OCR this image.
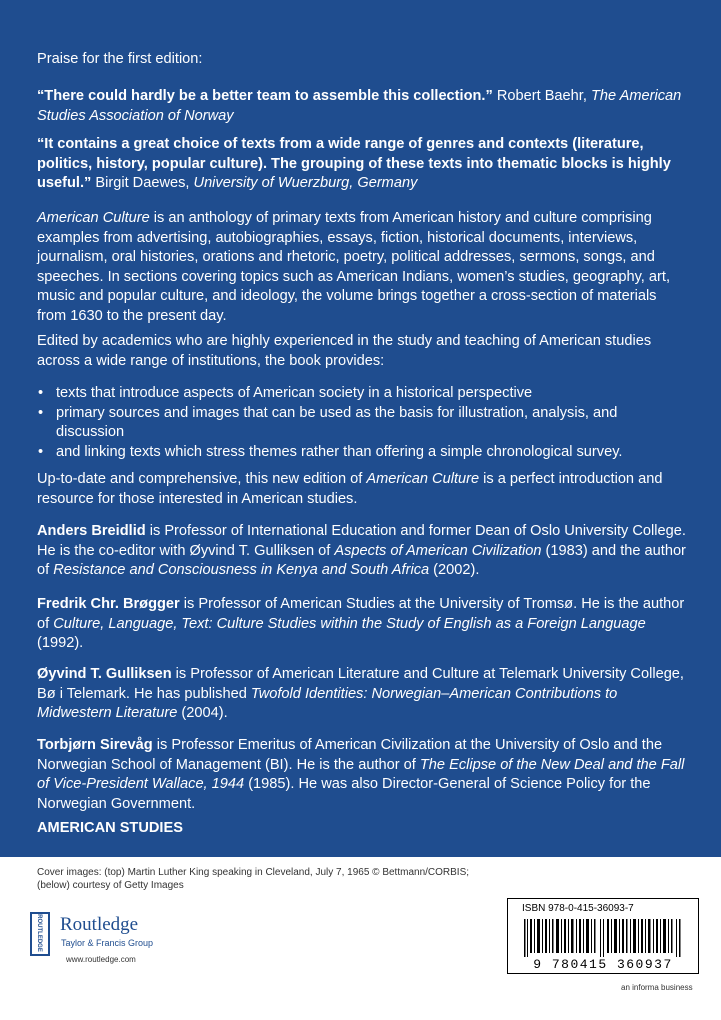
Praise for the first edition:

“There could hardly be a better team to assemble this collection.” Robert Baehr, The American Studies Association of Norway

“It contains a great choice of texts from a wide range of genres and contexts (literature, politics, history, popular culture). The grouping of these texts into thematic blocks is highly useful.” Birgit Daewes, University of Wuerzburg, Germany

American Culture is an anthology of primary texts from American history and culture comprising examples from advertising, autobiographies, essays, fiction, historical documents, interviews, journalism, oral histories, orations and rhetoric, poetry, political addresses, sermons, songs, and speeches. In sections covering topics such as American Indians, women’s studies, geography, art, music and popular culture, and ideology, the volume brings together a cross-section of materials from 1630 to the present day.

Edited by academics who are highly experienced in the study and teaching of American studies across a wide range of institutions, the book provides:

• texts that introduce aspects of American society in a historical perspective
• primary sources and images that can be used as the basis for illustration, analysis, and discussion
• and linking texts which stress themes rather than offering a simple chronological survey.

Up-to-date and comprehensive, this new edition of American Culture is a perfect introduction and resource for those interested in American studies.

Anders Breidlid is Professor of International Education and former Dean of Oslo University College. He is the co-editor with Øyvind T. Gulliksen of Aspects of American Civilization (1983) and the author of Resistance and Consciousness in Kenya and South Africa (2002).

Fredrik Chr. Brøgger is Professor of American Studies at the University of Tromsø. He is the author of Culture, Language, Text: Culture Studies within the Study of English as a Foreign Language (1992).

Øyvind T. Gulliksen is Professor of American Literature and Culture at Telemark University College, Bø i Telemark. He has published Twofold Identities: Norwegian–American Contributions to Midwestern Literature (2004).

Torbjørn Sirevåg is Professor Emeritus of American Civilization at the University of Oslo and the Norwegian School of Management (BI). He is the author of The Eclipse of the New Deal and the Fall of Vice-President Wallace, 1944 (1985). He was also Director-General of Science Policy for the Norwegian Government.

AMERICAN STUDIES

Cover images: (top) Martin Luther King speaking in Cleveland, July 7, 1965 © Bettmann/CORBIS;
(below) courtesy of Getty Images
ROUTLEDGE Routledge
Taylor & Francis Group
www.routledge.com
ISBN 978-0-415-36093-7
9 780415 360937
an informa business
